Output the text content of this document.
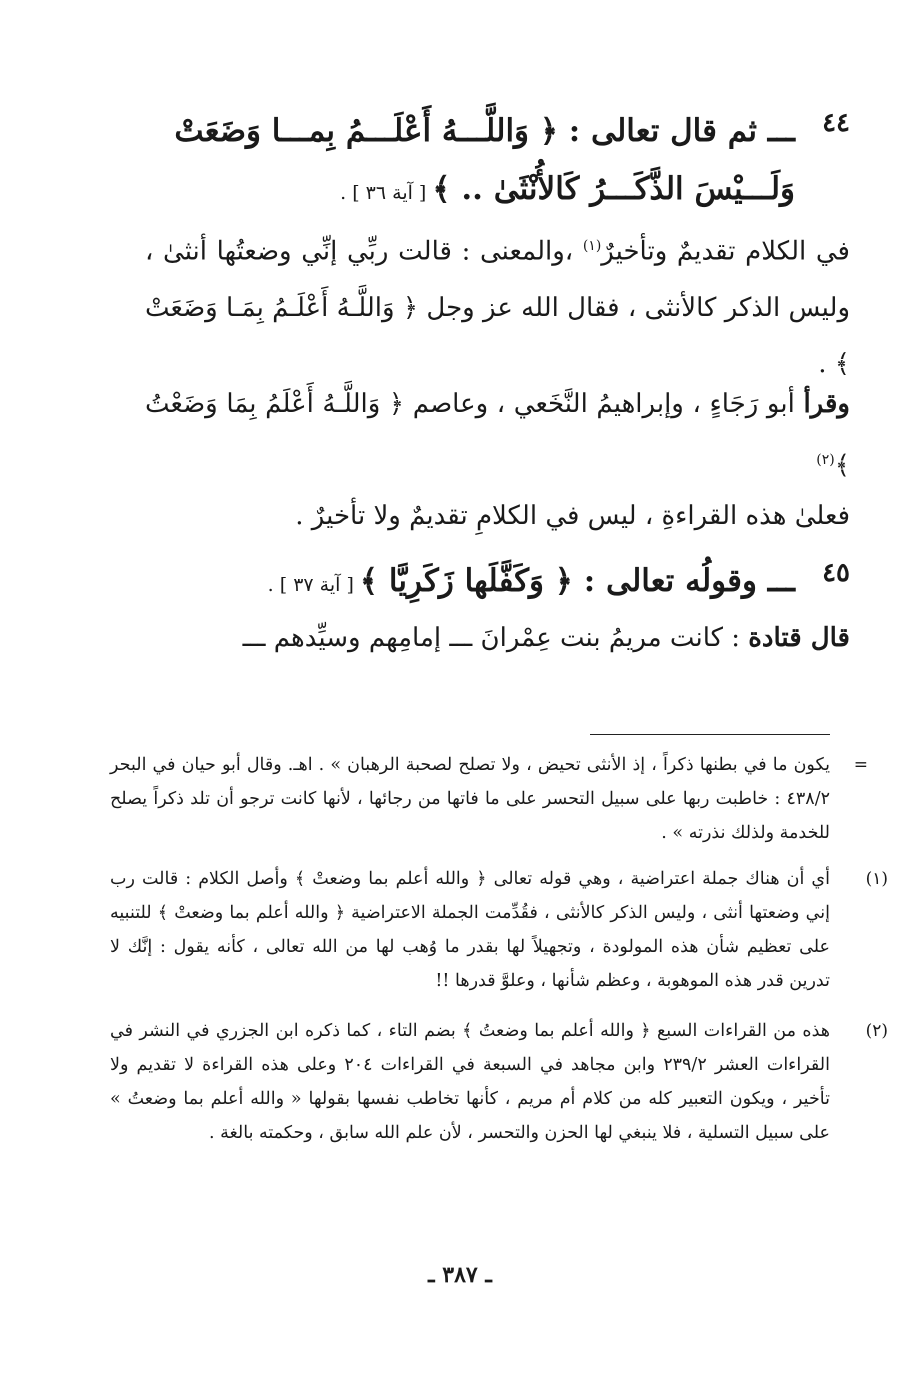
٤٤
ـــ ثم قال تعالى : ﴿ وَاللَّـــهُ أَعْلَـــمُ بِمـــا وَضَعَتْ وَلَـــيْسَ الذَّكَـــرُ كَالأُنْثَىٰ .. ﴾ [ آية ٣٦ ] .
في الكلام تقديمٌ وتأخيرٌ$^{(١)}$ ،والمعنى : قالت ربِّي إنِّي وضعتُها أنثىٰ ، وليس الذكر كالأنثى ، فقال الله عز وجل ﴿ وَاللَّـهُ أَعْلَـمُ بِمَـا وَضَعَتْ ﴾ .
وقرأ أبو رَجَاءٍ ، وإبراهيمُ النَّخَعي ، وعاصم ﴿ وَاللَّـهُ أَعْلَمُ بِمَا وَضَعْتُ ﴾$^{(٢)}$
فعلىٰ هذه القراءةِ ، ليس في الكلامِ تقديمٌ ولا تأخيرٌ .
٤٥
ـــ وقولُه تعالى : ﴿ وَكَفَّلَها زَكَرِيَّا ﴾ [ آية ٣٧ ] .
قال قتادة : كانت مريمُ بنت عِمْرانَ ـــ إمامِهم وسيِّدهم ـــ
=
يكون ما في بطنها ذكراً ، إذ الأنثى تحيض ، ولا تصلح لصحبة الرهبان » . اهـ. وقال أبو حيان في البحر ٤٣٨/٢ : خاطبت ربها على سبيل التحسر على ما فاتها من رجائها ، لأنها كانت ترجو أن تلد ذكراً يصلح للخدمة ولذلك نذرته » .
(١)
أي أن هناك جملة اعتراضية ، وهي قوله تعالى ﴿ والله أعلم بما وضعتْ ﴾ وأصل الكلام : قالت رب إني وضعتها أنثى ، وليس الذكر كالأنثى ، فقُدِّمت الجملة الاعتراضية ﴿ والله أعلم بما وضعتْ ﴾ للتنبيه على تعظيم شأن هذه المولودة ، وتجهيلاً لها بقدر ما وُهب لها من الله تعالى ، كأنه يقول : إنَّك لا تدرين قدر هذه الموهوبة ، وعظم شأنها ، وعلوَّ قدرها !!
(٢)
هذه من القراءات السبع ﴿ والله أعلم بما وضعتُ ﴾ بضم التاء ، كما ذكره ابن الجزري في النشر في القراءات العشر ٢٣٩/٢ وابن مجاهد في السبعة في القراءات ٢٠٤ وعلى هذه القراءة لا تقديم ولا تأخير ، ويكون التعبير كله من كلام أم مريم ، كأنها تخاطب نفسها بقولها « والله أعلم بما وضعتُ » على سبيل التسلية ، فلا ينبغي لها الحزن والتحسر ، لأن علم الله سابق ، وحكمته بالغة .
ـ ٣٨٧ ـ
